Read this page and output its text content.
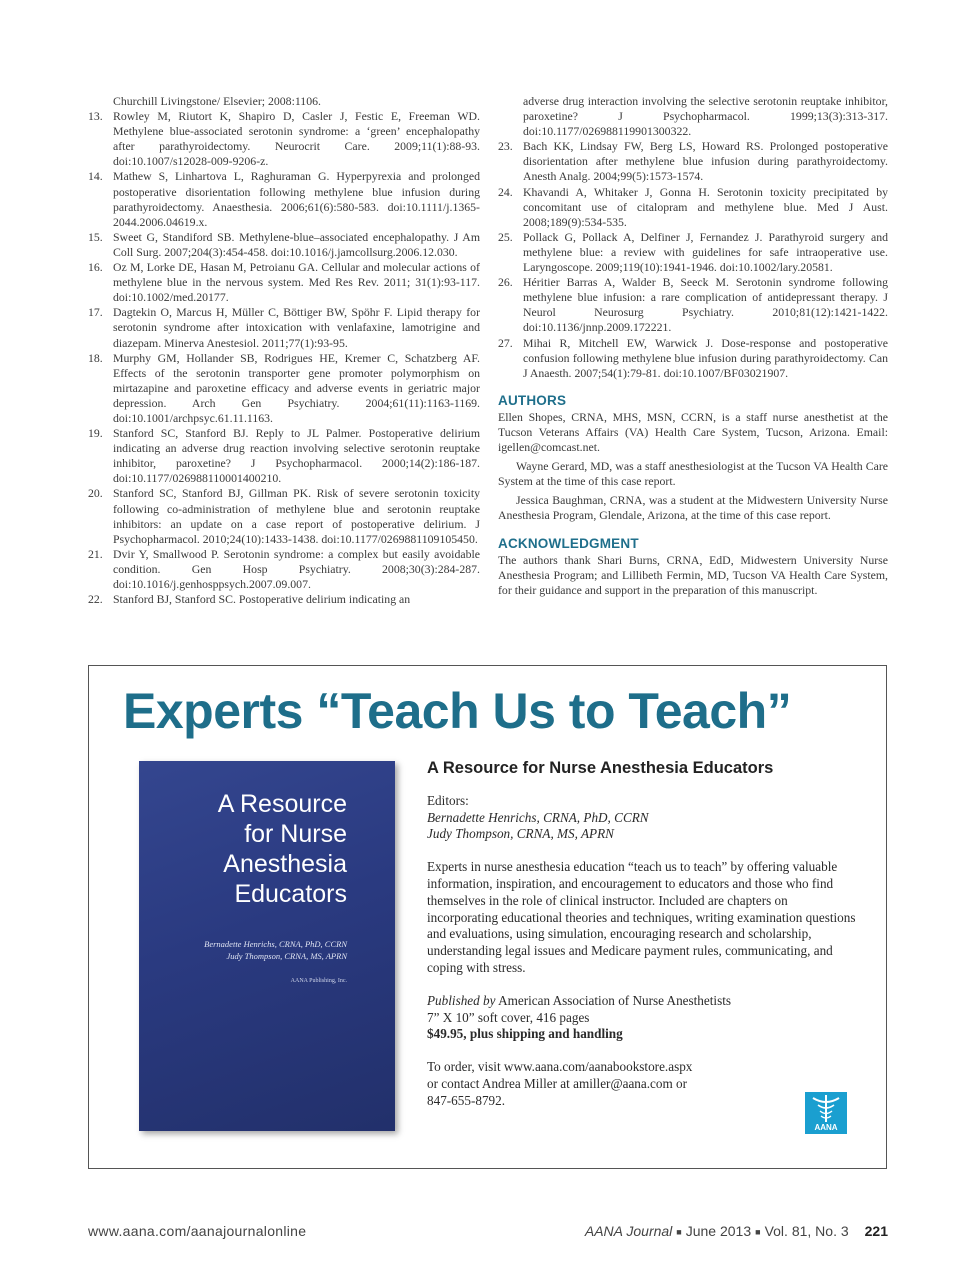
Churchill Livingstone/ Elsevier; 2008:1106.
13. Rowley M, Riutort K, Shapiro D, Casler J, Festic E, Freeman WD. Methylene blue-associated serotonin syndrome: a ‘green’ encephalopathy after parathyroidectomy. Neurocrit Care. 2009;11(1):88-93. doi:10.1007/s12028-009-9206-z.
14. Mathew S, Linhartova L, Raghuraman G. Hyperpyrexia and prolonged postoperative disorientation following methylene blue infusion during parathyroidectomy. Anaesthesia. 2006;61(6):580-583. doi:10.1111/j.1365-2044.2006.04619.x.
15. Sweet G, Standiford SB. Methylene-blue–associated encephalopathy. J Am Coll Surg. 2007;204(3):454-458. doi:10.1016/j.jamcollsurg.2006.12.030.
16. Oz M, Lorke DE, Hasan M, Petroianu GA. Cellular and molecular actions of methylene blue in the nervous system. Med Res Rev. 2011; 31(1):93-117. doi:10.1002/med.20177.
17. Dagtekin O, Marcus H, Müller C, Böttiger BW, Spöhr F. Lipid therapy for serotonin syndrome after intoxication with venlafaxine, lamotrigine and diazepam. Minerva Anestesiol. 2011;77(1):93-95.
18. Murphy GM, Hollander SB, Rodrigues HE, Kremer C, Schatzberg AF. Effects of the serotonin transporter gene promoter polymorphism on mirtazapine and paroxetine efficacy and adverse events in geriatric major depression. Arch Gen Psychiatry. 2004;61(11):1163-1169. doi:10.1001/archpsyc.61.11.1163.
19. Stanford SC, Stanford BJ. Reply to JL Palmer. Postoperative delirium indicating an adverse drug reaction involving selective serotonin reuptake inhibitor, paroxetine? J Psychopharmacol. 2000;14(2):186-187. doi:10.1177/026988110001400210.
20. Stanford SC, Stanford BJ, Gillman PK. Risk of severe serotonin toxicity following co-administration of methylene blue and serotonin reuptake inhibitors: an update on a case report of postoperative delirium. J Psychopharmacol. 2010;24(10):1433-1438. doi:10.1177/0269881109105450.
21. Dvir Y, Smallwood P. Serotonin syndrome: a complex but easily avoidable condition. Gen Hosp Psychiatry. 2008;30(3):284-287. doi:10.1016/j.genhosppsych.2007.09.007.
22. Stanford BJ, Stanford SC. Postoperative delirium indicating an
adverse drug interaction involving the selective serotonin reuptake inhibitor, paroxetine? J Psychopharmacol. 1999;13(3):313-317. doi:10.1177/026988119901300322.
23. Bach KK, Lindsay FW, Berg LS, Howard RS. Prolonged postoperative disorientation after methylene blue infusion during parathyroidectomy. Anesth Analg. 2004;99(5):1573-1574.
24. Khavandi A, Whitaker J, Gonna H. Serotonin toxicity precipitated by concomitant use of citalopram and methylene blue. Med J Aust. 2008;189(9):534-535.
25. Pollack G, Pollack A, Delfiner J, Fernandez J. Parathyroid surgery and methylene blue: a review with guidelines for safe intraoperative use. Laryngoscope. 2009;119(10):1941-1946. doi:10.1002/lary.20581.
26. Héritier Barras A, Walder B, Seeck M. Serotonin syndrome following methylene blue infusion: a rare complication of antidepressant therapy. J Neurol Neurosurg Psychiatry. 2010;81(12):1421-1422. doi:10.1136/jnnp.2009.172221.
27. Mihai R, Mitchell EW, Warwick J. Dose-response and postoperative confusion following methylene blue infusion during parathyroidectomy. Can J Anaesth. 2007;54(1):79-81. doi:10.1007/BF03021907.
AUTHORS

Ellen Shopes, CRNA, MHS, MSN, CCRN, is a staff nurse anesthetist at the Tucson Veterans Affairs (VA) Health Care System, Tucson, Arizona. Email: igellen@comcast.net.

Wayne Gerard, MD, was a staff anesthesiologist at the Tucson VA Health Care System at the time of this case report.

Jessica Baughman, CRNA, was a student at the Midwestern University Nurse Anesthesia Program, Glendale, Arizona, at the time of this case report.

ACKNOWLEDGMENT

The authors thank Shari Burns, CRNA, EdD, Midwestern University Nurse Anesthesia Program; and Lillibeth Fermin, MD, Tucson VA Health Care System, for their guidance and support in the preparation of this manuscript.

Experts “Teach Us to Teach”
A Resource
for Nurse
Anesthesia
Educators
Bernadette Henrichs, CRNA, PhD, CCRN
Judy Thompson, CRNA, MS, APRN
AANA Publishing, Inc.
A Resource for Nurse Anesthesia Educators
Editors:
Bernadette Henrichs, CRNA, PhD, CCRN
Judy Thompson, CRNA, MS, APRN
Experts in nurse anesthesia education “teach us to teach” by offering valuable information, inspiration, and encouragement to educators and those who find themselves in the role of clinical instructor. Included are chapters on incorporating educational theories and techniques, writing examination questions and evaluations, using simulation, encouraging research and scholarship, understanding legal issues and Medicare payment rules, communicating, and coping with stress.
Published by American Association of Nurse Anesthetists
7” X 10” soft cover, 416 pages
$49.95, plus shipping and handling
To order, visit www.aana.com/aanabookstore.aspx
or contact Andrea Miller at amiller@aana.com or
847-655-8792.
AANA
www.aana.com/aanajournalonline	AANA Journal ■ June 2013 ■ Vol. 81, No. 3 221
